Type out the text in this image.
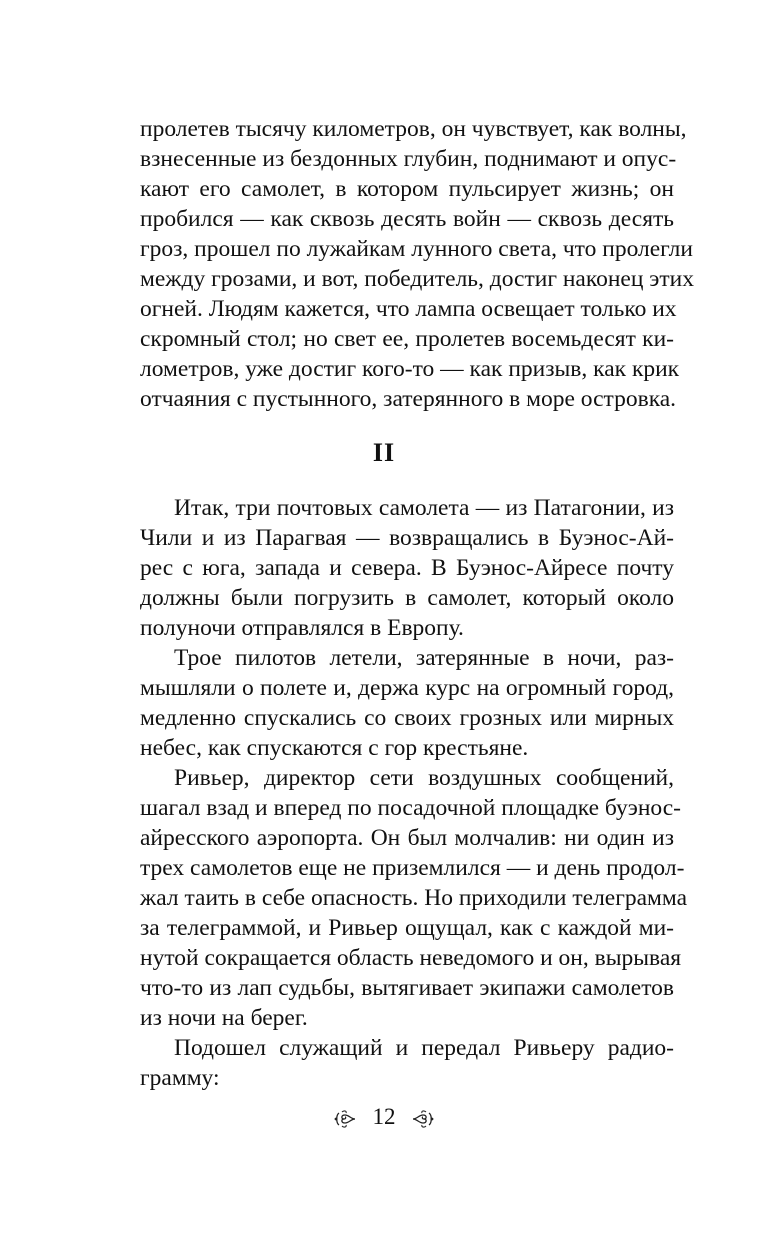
пролетев тысячу километров, он чувствует, как волны,
взнесенные из бездонных глубин, поднимают и опус-
кают его самолет, в котором пульсирует жизнь; он
пробился — как сквозь десять войн — сквозь десять
гроз, прошел по лужайкам лунного света, что пролегли
между грозами, и вот, победитель, достиг наконец этих
огней. Людям кажется, что лампа освещает только их
скромный стол; но свет ее, пролетев восемьдесят ки-
лометров, уже достиг кого-то — как призыв, как крик
отчаяния с пустынного, затерянного в море островка.
II
Итак, три почтовых самолета — из Патагонии, из
Чили и из Парагвая — возвращались в Буэнос-Ай-
рес с юга, запада и севера. В Буэнос-Айресе почту
должны были погрузить в самолет, который около
полуночи отправлялся в Европу.
Трое пилотов летели, затерянные в ночи, раз-
мышляли о полете и, держа курс на огромный город,
медленно спускались со своих грозных или мирных
небес, как спускаются с гор крестьяне.
Ривьер, директор сети воздушных сообщений,
шагал взад и вперед по посадочной площадке буэнос-
айресского аэропорта. Он был молчалив: ни один из
трех самолетов еще не приземлился — и день продол-
жал таить в себе опасность. Но приходили телеграмма
за телеграммой, и Ривьер ощущал, как с каждой ми-
нутой сокращается область неведомого и он, вырывая
что-то из лап судьбы, вытягивает экипажи самолетов
из ночи на берег.
Подошел служащий и передал Ривьеру радио-
грамму:
12
